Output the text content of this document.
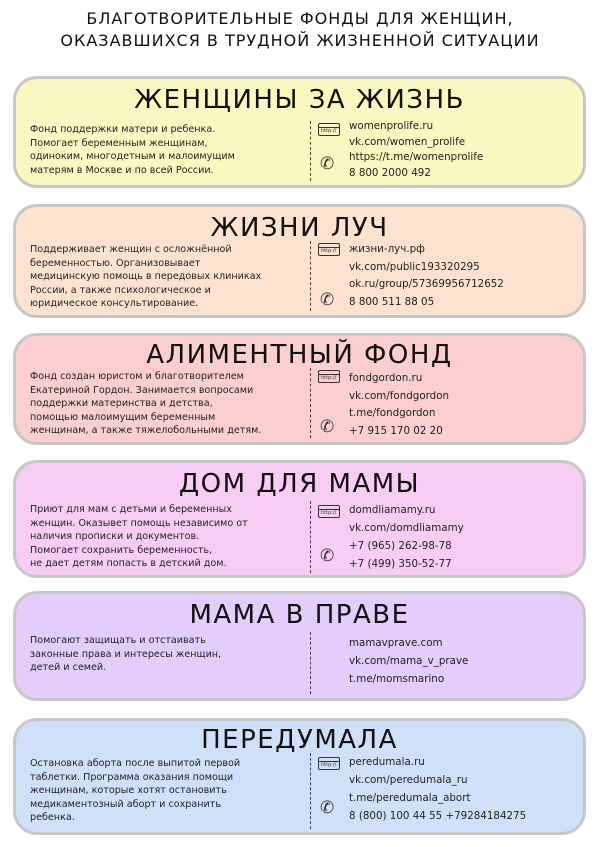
БЛАГОТВОРИТЕЛЬНЫЕ ФОНДЫ ДЛЯ ЖЕНЩИН,
ОКАЗАВШИХСЯ В ТРУДНОЙ ЖИЗНЕННОЙ СИТУАЦИИ
ЖЕНЩИНЫ ЗА ЖИЗНЬ
Фонд поддержки матери и ребенка.
Помогает беременным женщинам,
одиноким, многодетным и малоимущим
матерям в Москве и по всей России.
http://
✆
womenprolife.ru
vk.com/women_prolife
https://t.me/womenprolife
8 800 2000 492
ЖИЗНИ ЛУЧ
Поддерживает женщин с осложнённой
беременностью. Организовывает
медицинскую помощь в передовых клиниках
России, а также психологическое и
юридическое консультирование.
http://
✆
жизни-луч.рф
vk.com/public193320295
ok.ru/group/57369956712652
8 800 511 88 05
АЛИМЕНТНЫЙ ФОНД
Фонд создан юристом и благотворителем
Екатериной Гордон. Занимается вопросами
поддержки материнства и детства,
помощью малоимущим беременным
женщинам, а также тяжелобольными детям.
http://
✆
fondgordon.ru
vk.com/fondgordon
t.me/fondgordon
+7 915 170 02 20
ДОМ ДЛЯ МАМЫ
Приют для мам с детьми и беременных
женщин. Оказывет помощь независимо от
наличия прописки и документов.
Помогает сохранить беременность,
не дает детям попасть в детский дом.
http://
✆
domdliamamy.ru
vk.com/domdliamamy
+7 (965) 262-98-78
+7 (499) 350-52-77
МАМА В ПРАВЕ
Помогают защищать и отстаивать
законные права и интересы женщин,
детей и семей.
mamavprave.com
vk.com/mama_v_prave
t.me/momsmarino
ПЕРЕДУМАЛА
Остановка аборта после выпитой первой
таблетки. Программа оказания помощи
женщинам, которые хотят остановить
медикаментозный аборт и сохранить
ребенка.
http://
✆
peredumala.ru
vk.com/peredumala_ru
t.me/peredumala_abort
8 (800) 100 44 55 +79284184275
